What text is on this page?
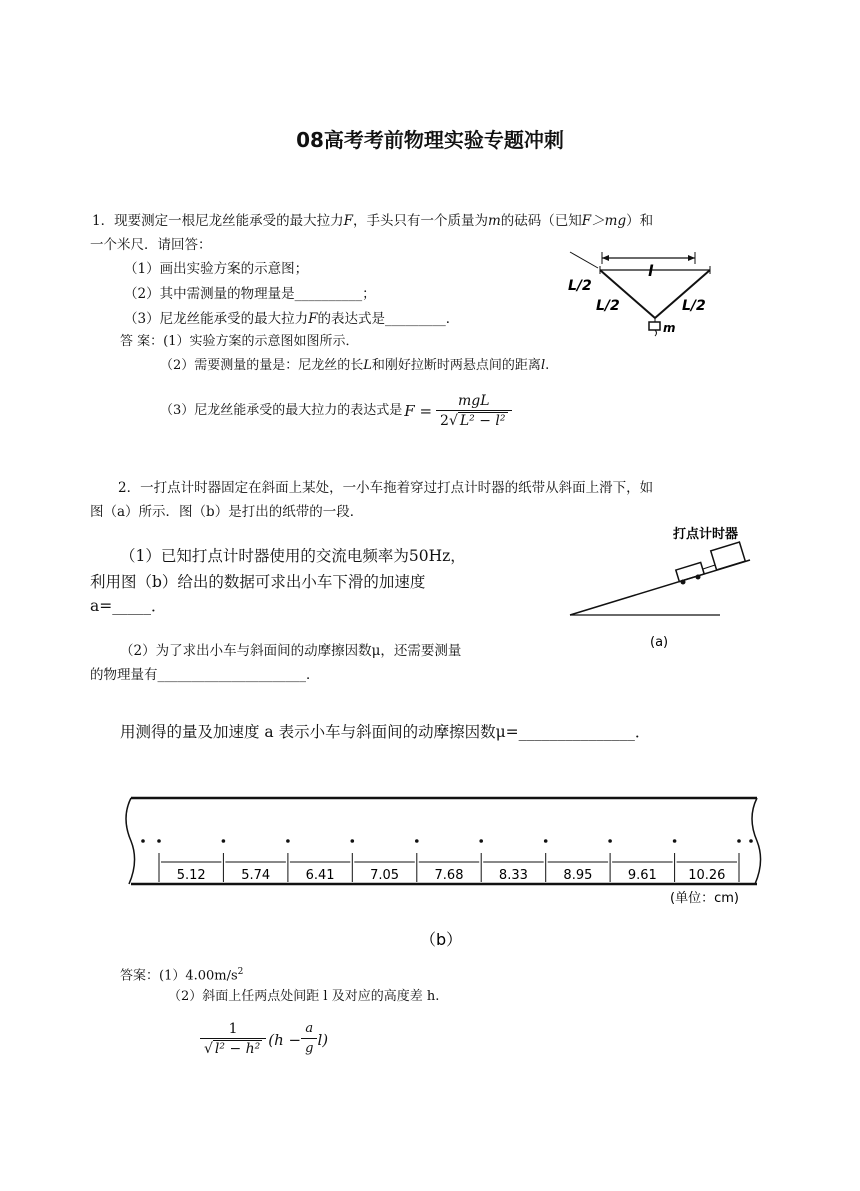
08高考考前物理实验专题冲刺
1．现要测定一根尼龙丝能承受的最大拉力F，手头只有一个质量为m的砝码（已知F＞mg）和
一个米尺．请回答：
（1）画出实验方案的示意图；
（2）其中需测量的物理量是__________；
（3）尼龙丝能承受的最大拉力F的表达式是_________．
答 案：(1）实验方案的示意图如图所示．
（2）需要测量的量是：尼龙丝的长L和刚好拉断时两悬点间的距离l.
（3）尼龙丝能承受的最大拉力的表达式是 $F = \frac{\text{mgL}}{\text{2√ L² − l²}}$
L/2
L/2	L/2
l
m
2．一打点计时器固定在斜面上某处，一小车拖着穿过打点计时器的纸带从斜面上滑下，如
图（a）所示．图（b）是打出的纸带的一段．
（1）已知打点计时器使用的交流电频率为50Hz，
利用图（b）给出的数据可求出小车下滑的加速度
a=_____．
（2）为了求出小车与斜面间的动摩擦因数μ，还需要测量
的物理量有______________________．
用测得的量及加速度 a 表示小车与斜面间的动摩擦因数μ=_______________．
打点计时器
(a)
5.12	5.74	6.41	7.05	7.68	8.33	8.95	9.61 10.26
(单位：cm)
（b）
答案：$(1)4.00m/s^2$
（2）斜面上任两点处间距 l 及对应的高度差 h.
$\frac{1}{\text{√ l² − h²}} (h - \frac{a}{g} l)$
